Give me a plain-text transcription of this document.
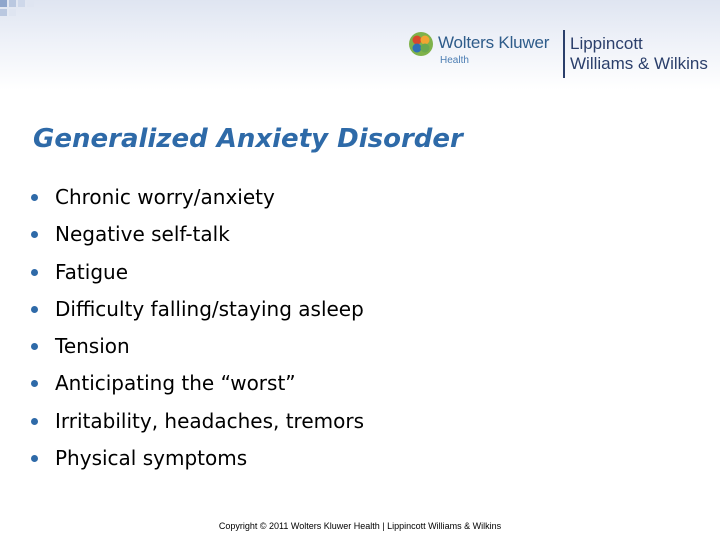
Wolters Kluwer
Health
Lippincott
Williams & Wilkins
Generalized Anxiety Disorder
Chronic worry/anxiety
Negative self-talk
Fatigue
Difficulty falling/staying asleep
Tension
Anticipating the “worst”
Irritability, headaches, tremors
Physical symptoms
Copyright © 2011 Wolters Kluwer Health | Lippincott Williams & Wilkins
